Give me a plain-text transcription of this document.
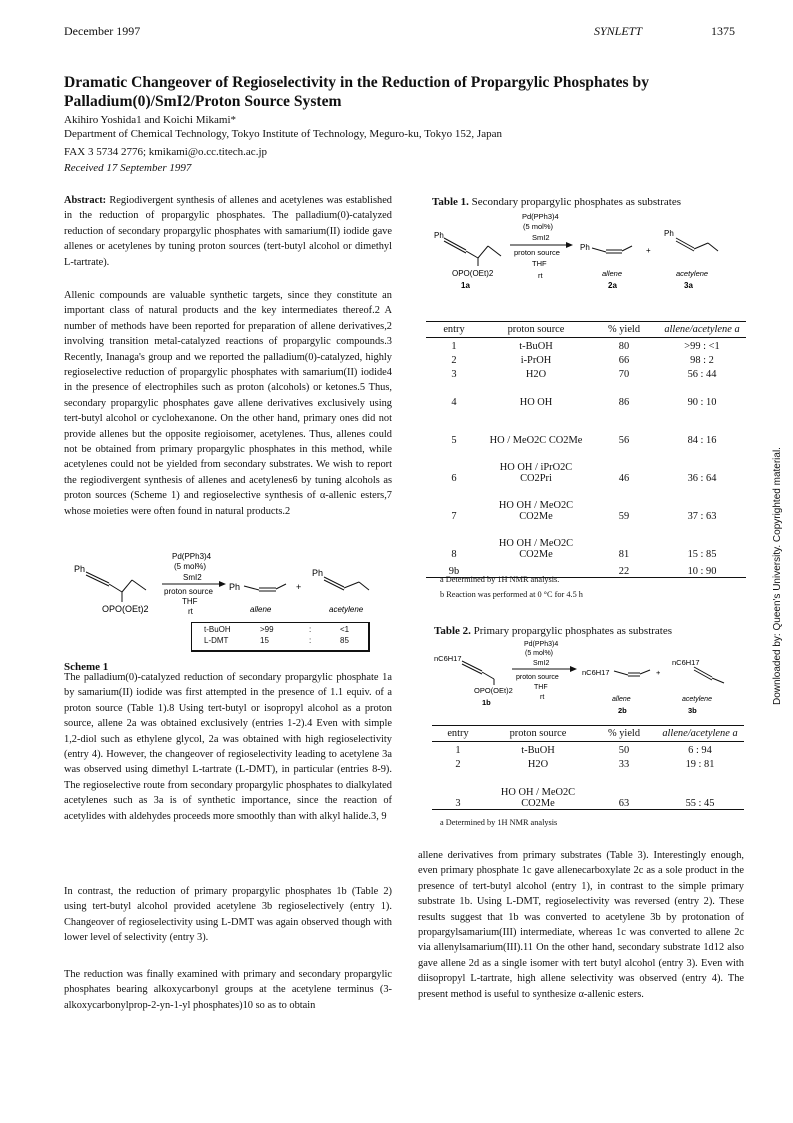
December 1997	SYNLETT	1375
Dramatic Changeover of Regioselectivity in the Reduction of Propargylic Phosphates by Palladium(0)/SmI2/Proton Source System
Akihiro Yoshida1 and Koichi Mikami*
Department of Chemical Technology, Tokyo Institute of Technology, Meguro-ku, Tokyo 152, Japan
FAX 3 5734 2776; kmikami@o.cc.titech.ac.jp
Received 17 September 1997

Abstract: Regiodivergent synthesis of allenes and acetylenes was established in the reduction of propargylic phosphates. The palladium(0)-catalyzed reduction of secondary propargylic phosphates with samarium(II) iodide gave allenes or acetylenes by tuning proton sources (tert-butyl alcohol or dimethyl L-tartrate).

Allenic compounds are valuable synthetic targets, since they constitute an important class of natural products and the key intermediates thereof.2 A number of methods have been reported for preparation of allene derivatives,2 involving transition metal-catalyzed reactions of propargylic compounds.3 Recently, Inanaga's group and we reported the palladium(0)-catalyzed, highly regioselective reduction of propargylic phosphates with samarium(II) iodide4 in the presence of electrophiles such as proton (alcohols) or ketones.5 Thus, secondary propargylic phosphates gave allene derivatives exclusively using tert-butyl alcohol or cyclohexanone. On the other hand, primary ones did not provide allenes but the opposite regioisomer, acetylenes. Thus, allenes could not be obtained from primary propargylic phosphates in this method, while acetylenes could not be yielded from secondary substrates. We wish to report the regiodivergent synthesis of allenes and acetylenes6 by tuning alcohols as proton sources (Scheme 1) and regioselective synthesis of α-allenic esters,7 whose moieties were often found in natural products.2

Ph
OPO(OEt)2
Pd(PPh3)4
(5 mol%)
SmI2
proton source
THF
rt
Ph	+
Ph
allene	acetylene
t-BuOH	>99	:	<1
L-DMT	15	:	85
Scheme 1

The palladium(0)-catalyzed reduction of secondary propargylic phosphate 1a by samarium(II) iodide was first attempted in the presence of 1.1 equiv. of a proton source (Table 1).8 Using tert-butyl or isopropyl alcohol as a proton source, allene 2a was obtained exclusively (entries 1-2).4 Even with simple 1,2-diol such as ethylene glycol, 2a was obtained with high regioselectivity (entry 4). However, the changeover of regioselectivity leading to acetylene 3a was observed using dimethyl L-tartrate (L-DMT), in particular (entries 8-9). The regioselective route from secondary propargylic phosphates to dialkylated acetylenes such as 3a is of synthetic importance, since the reaction of acetylides with aldehydes proceeds more smoothly than with alkyl halide.3, 9

In contrast, the reduction of primary propargylic phosphates 1b (Table 2) using tert-butyl alcohol provided acetylene 3b regioselectively (entry 1). Changeover of regioselectivity using L-DMT was again observed though with lower level of selectivity (entry 3).

The reduction was finally examined with primary and secondary propargylic phosphates bearing alkoxycarbonyl groups at the acetylene terminus (3-alkoxycarbonylprop-2-yn-1-yl phosphates)10 so as to obtain

Table 1. Secondary propargylic phosphates as substrates
Ph
OPO(OEt)2
1a
Pd(PPh3)4
(5 mol%)
SmI2
proton source
THF
rt
Ph	+
Ph
allene
2a
acetylene
3a
entry	proton source	% yield	allene/acetylene a
1	t-BuOH	80	>99 : <1
2	i-PrOH	66	98 : 2
3	H2O	70	56 : 44
4	HO OH	86	90 : 10
5	HO / MeO2C CO2Me	56	84 : 16
6	HO OH / iPrO2C CO2Pri	46	36 : 64
7	HO OH / MeO2C CO2Me	59	37 : 63
8	HO OH / MeO2C CO2Me	81	15 : 85
9b		22	10 : 90
a Determined by 1H NMR analysis.
b Reaction was performed at 0 °C for 4.5 h
Table 2. Primary propargylic phosphates as substrates
nC6H17
OPO(OEt)2
1b
Pd(PPh3)4
(5 mol%)
SmI2
proton source
THF
rt
nC6H17	+
nC6H17
allene
2b
acetylene
3b
entry	proton source	% yield	allene/acetylene a
1	t-BuOH	50	6 : 94
2	H2O	33	19 : 81
3	HO OH / MeO2C CO2Me	63	55 : 45
a Determined by 1H NMR analysis

allene derivatives from primary substrates (Table 3). Interestingly enough, even primary phosphate 1c gave allenecarboxylate 2c as a sole product in the presence of tert-butyl alcohol (entry 1), in contrast to the simple primary substrate 1b. Using L-DMT, regioselectivity was reversed (entry 2). These results suggest that 1b was converted to acetylene 3b by protonation of propargylsamarium(III) intermediate, whereas 1c was converted to allene 2c via allenylsamarium(III).11 On the other hand, secondary substrate 1d12 also gave allene 2d as a single isomer with tert butyl alcohol (entry 3). Even with diisopropyl L-tartrate, high allene selectivity was observed (entry 4). The present method is useful to synthesize α-allenic esters.

Downloaded by: Queen's University. Copyrighted material.
